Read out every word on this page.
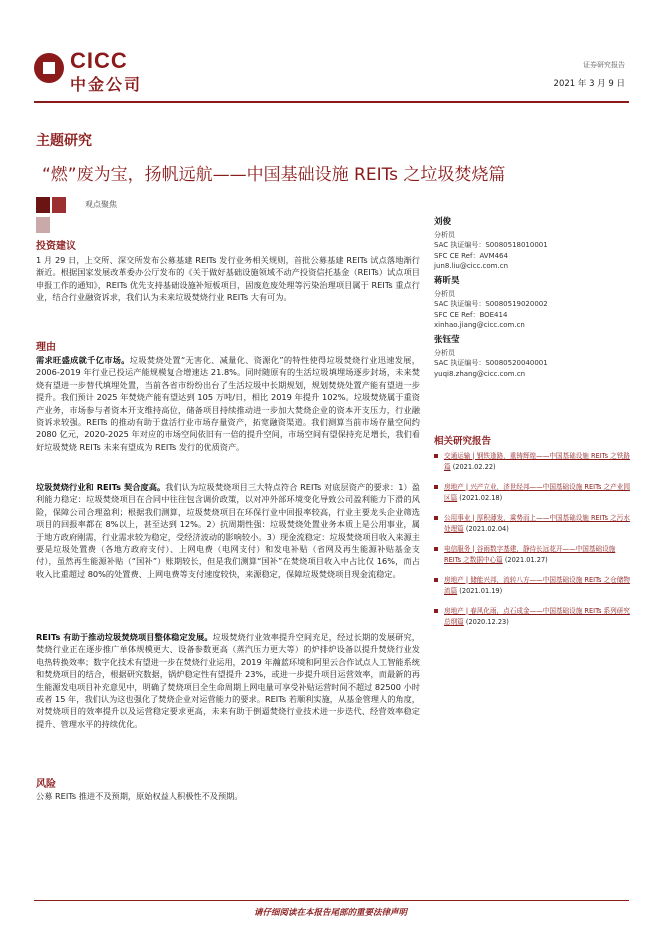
CICC
中金公司
证券研究报告
2021 年 3 月 9 日
主题研究
“燃”废为宝，扬帆远航——中国基础设施 REITs 之垃圾焚烧篇
观点聚焦
投资建议
1 月 29 日，上交所、深交所发布公募基建 REITs 发行业务相关规则，首批公募基建 REITs 试点落地渐行渐近。根据国家发展改革委办公厅发布的《关于做好基础设施领域不动产投资信托基金（REITs）试点项目申报工作的通知》，REITs 优先支持基础设施补短板项目，固废危废处理等污染治理项目属于 REITs 重点行业，结合行业融资诉求，我们认为未来垃圾焚烧行业 REITs 大有可为。
理由
需求旺盛成就千亿市场。垃圾焚烧处置“无害化、减量化、资源化”的特性使得垃圾焚烧行业迅速发展，2006-2019 年行业已投运产能规模复合增速达 21.8%。同时随原有的生活垃圾填埋场逐步封场，未来焚烧有望进一步替代填埋处置，当前各省市纷纷出台了生活垃圾中长期规划，规划焚烧处置产能有望进一步提升。我们预计 2025 年焚烧产能有望达到 105 万吨/日，相比 2019 年提升 102%。垃圾焚烧属于重资产业务，市场参与者资本开支维持高位，储备项目持续推动进一步加大焚烧企业的资本开支压力，行业融资诉求较强。REITs 的推动有助于盘活行业市场存量资产，拓宽融资渠道。我们测算当前市场存量空间约 2080 亿元，2020-2025 年对应的市场空间依旧有一倍的提升空间，市场空间有望保持充足增长，我们看好垃圾焚烧 REITs 未来有望成为 REITs 发行的优质资产。
垃圾焚烧行业和 REITs 契合度高。我们认为垃圾焚烧项目三大特点符合 REITs 对底层资产的要求：1）盈利能力稳定：垃圾焚烧项目在合同中往往包含调价政策，以对冲外部环境变化导致公司盈利能力下滑的风险，保障公司合理盈利；根据我们测算，垃圾焚烧项目在环保行业中回报率较高，行业主要龙头企业筛选项目的回报率都在 8%以上，甚至达到 12%。2）抗周期性强：垃圾焚烧处置业务本质上是公用事业，属于地方政府刚需，行业需求较为稳定，受经济波动的影响较小。3）现金流稳定：垃圾焚烧项目收入来源主要是垃圾处置费（各地方政府支付）、上网电费（电网支付）和发电补贴（省网及再生能源补贴基金支付），虽然再生能源补贴（“国补”）账期较长，但是我们测算“国补”在焚烧项目收入中占比仅 16%，而占收入比重超过 80%的处置费、上网电费等支付速度较快，来源稳定，保障垃圾焚烧项目现金流稳定。
REITs 有助于推动垃圾焚烧项目整体稳定发展。垃圾焚烧行业效率提升空间充足，经过长期的发展研究，焚烧行业正在逐步推广单体规模更大、设备参数更高（蒸汽压力更大等）的炉排炉设备以提升焚烧行业发电热转换效率；数字化技术有望进一步在焚烧行业运用，2019 年瀚蓝环境和阿里云合作试点人工智能系统和焚烧项目的结合，根据研究数据，锅炉稳定性有望提升 23%，或进一步提升项目运营效率，而最新的再生能源发电项目补充意见中，明确了焚烧项目全生命周期上网电量可享受补贴运营时间不超过 82500 小时或者 15 年，我们认为这也强化了焚烧企业对运营能力的要求。REITs 若顺利实施，从基金管理人的角度，对焚烧项目的效率提升以及运营稳定要求更高，未来有助于倒逼焚烧行业技术进一步迭代、经营效率稳定提升、管理水平的持续优化。
风险
公募 REITs 推进不及预期，原始权益人积极性不及预期。
刘俊
分析员
SAC 执证编号：S0080518010001
SFC CE Ref：AVM464
jun8.liu@cicc.com.cn
蒋昕昊
分析员
SAC 执证编号：S0080519020002
SFC CE Ref：BOE414
xinhao.jiang@cicc.com.cn
张钰莹
分析员
SAC 执证编号：S0080520040001
yuqi8.zhang@cicc.com.cn
相关研究报告
交通运输 | 钢铁逢路，重铸辉煌——中国基础设施 REITs 之铁路篇 (2021.02.22)
房地产 | 兴产立业，济世经邦——中国基础设施 REITs 之产业园区篇 (2021.02.18)
公用事业 | 厚积薄发，乘势而上——中国基础设施 REITs 之污水处理篇 (2021.02.04)
电信服务 | 谷雨数字基建，静待长远花开——中国基础设施 REITs 之数据中心篇 (2021.01.27)
房地产 | 储能兴邦，流转八方——中国基础设施 REITs 之仓储物流篇 (2021.01.19)
房地产 | 春风化雨，点石成金——中国基础设施 REITs 系列研究总纲篇 (2020.12.23)
请仔细阅读在本报告尾部的重要法律声明
